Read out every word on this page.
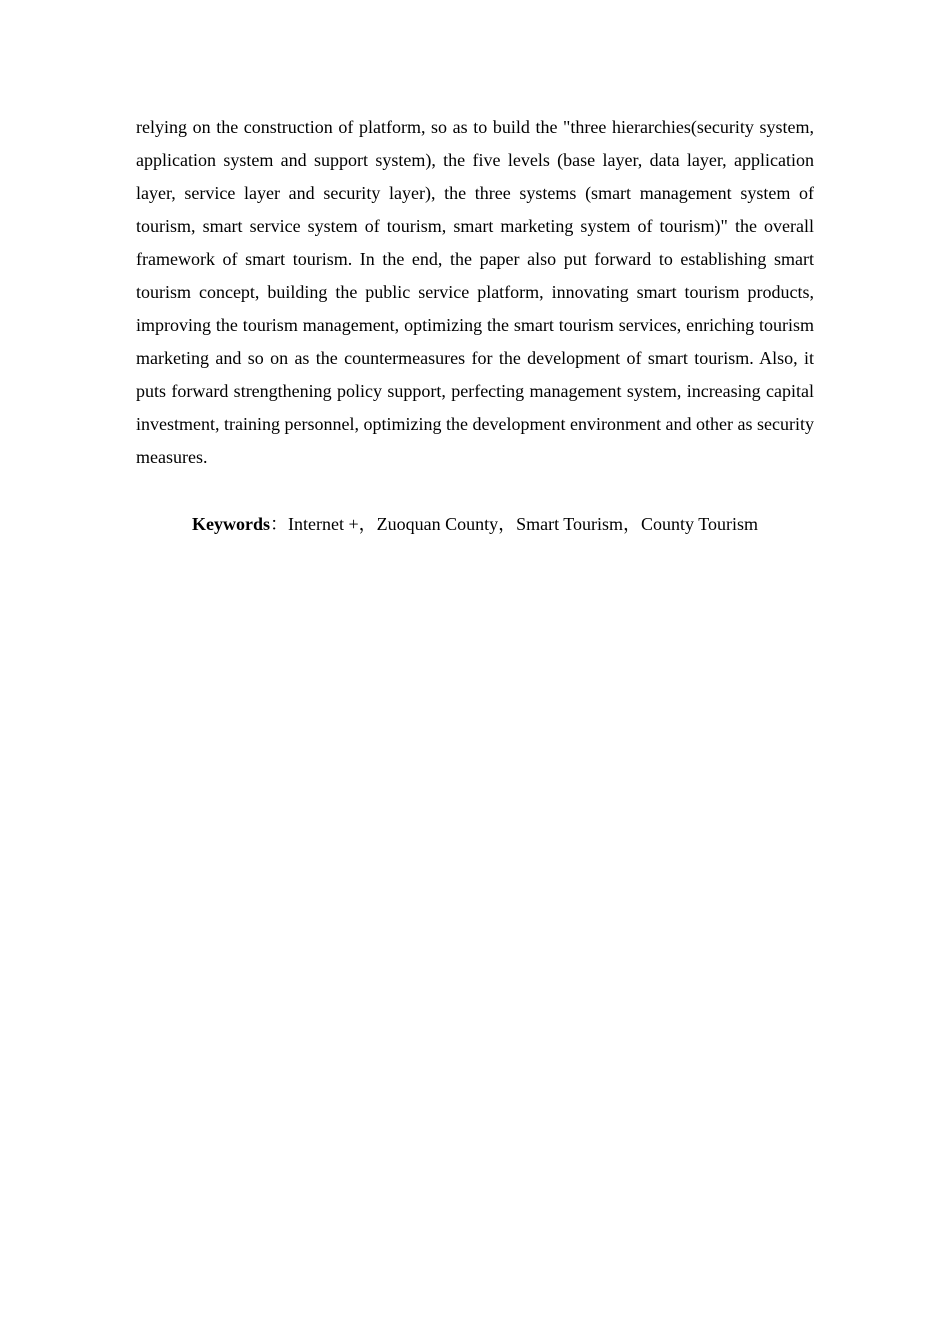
relying on the construction of platform, so as to build the "three hierarchies(security system, application system and support system), the five levels (base layer, data layer, application layer, service layer and security layer), the three systems (smart management system of tourism, smart service system of tourism, smart marketing system of tourism)" the overall framework of smart tourism. In the end, the paper also put forward to establishing smart tourism concept, building the public service platform, innovating smart tourism products, improving the tourism management, optimizing the smart tourism services, enriching tourism marketing and so on as the countermeasures for the development of smart tourism. Also, it puts forward strengthening policy support, perfecting management system, increasing capital investment, training personnel, optimizing the development environment and other as security measures.

Keywords：Internet +，Zuoquan County，Smart Tourism，County Tourism
